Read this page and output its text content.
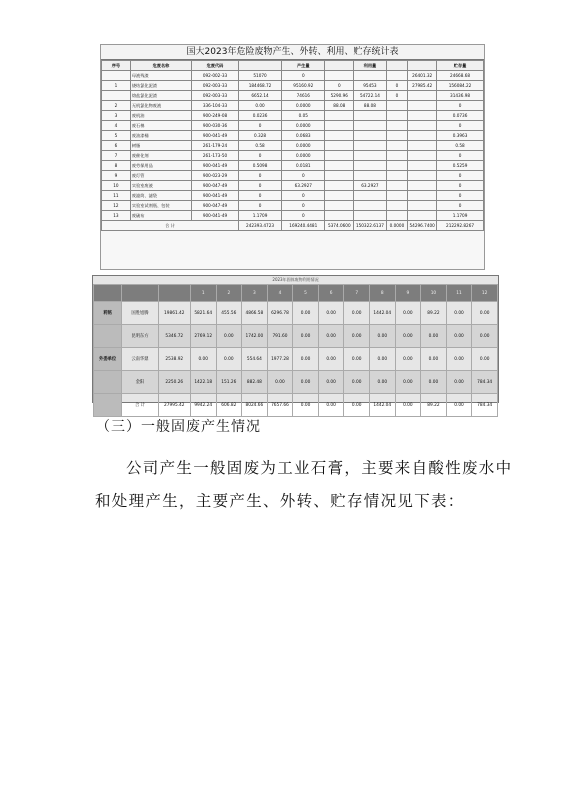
国大2023年危险废物产生、外转、利用、贮存统计表
序号	危废名称	危废代码		产生量		利用量			贮存量
	母液残渣	092-002-33	51070	0				26401.32	24668.68
1	烧结氯化泥渣	092-003-33	184468.72	95160.92	0	95453	0	27985.42	156084.22
	熔盐氯化泥渣	092-003-33	6652.14	74616	5290.96	54722.14	0		31436.98
2	无机氯化物废液	336-104-33	0.00	0.0000	88.08	88.08			0
3	废机油	900-249-08	0.0236	0.05					0.0736
4	废石棉	900-030-36	0	0.0000					0
5	废油漆桶	900-041-49	0.328	0.0683					0.3963
6	树脂	261-179-24	0.58	0.0000					0.58
7	废催化剂	261-173-50	0	0.0000					0
8	废劳保用品	900-041-49	0.5098	0.0181					0.5259
9	废灯管	900-023-29	0	0					0
10	实验室废液	900-047-49	0	63.2927		63.2927			0
11	废滤筒、滤袋	900-041-49	0	0					0
12	实验室试剂瓶、包装	900-047-49	0	0					0
13	废硫布	900-041-49	1.1709	0					1.1709
合 计			242393.4723	169240.4481	5374.0600	150322.6137	0.0000	54296.7400	212292.8267
2023年固体废物利用情况
			1	2	3	4	5	6	7	8	9	10	11	12
莉铭	国胜旭腾	19861.42	5821.64	455.56	4866.58	6296.78	0.00	0.00	0.00	1442.04	0.00	89.22	0.00	0.00
	昆明东方	5346.72	2769.12	0.00	1742.00	791.60	0.00	0.00	0.00	0.00	0.00	0.00	0.00	0.00
外委单位	云南华鼎	2538.92	0.00	0.00	554.64	1977.28	0.00	0.00	0.00	0.00	0.00	0.00	0.00	0.00
	金阳	2250.26	1422.18	151.26	882.48	0.00	0.00	0.00	0.00	0.00	0.00	0.00	0.00	784.34
	合 计	27995.42	9942.24	606.82	8024.66	7657.66	0.00	0.00	0.00	1442.04	0.00	89.22	0.00	784.34
（三）一般固废产生情况
公司产生一般固废为工业石膏，主要来自酸性废水中和处理产生，主要产生、外转、贮存情况见下表：
